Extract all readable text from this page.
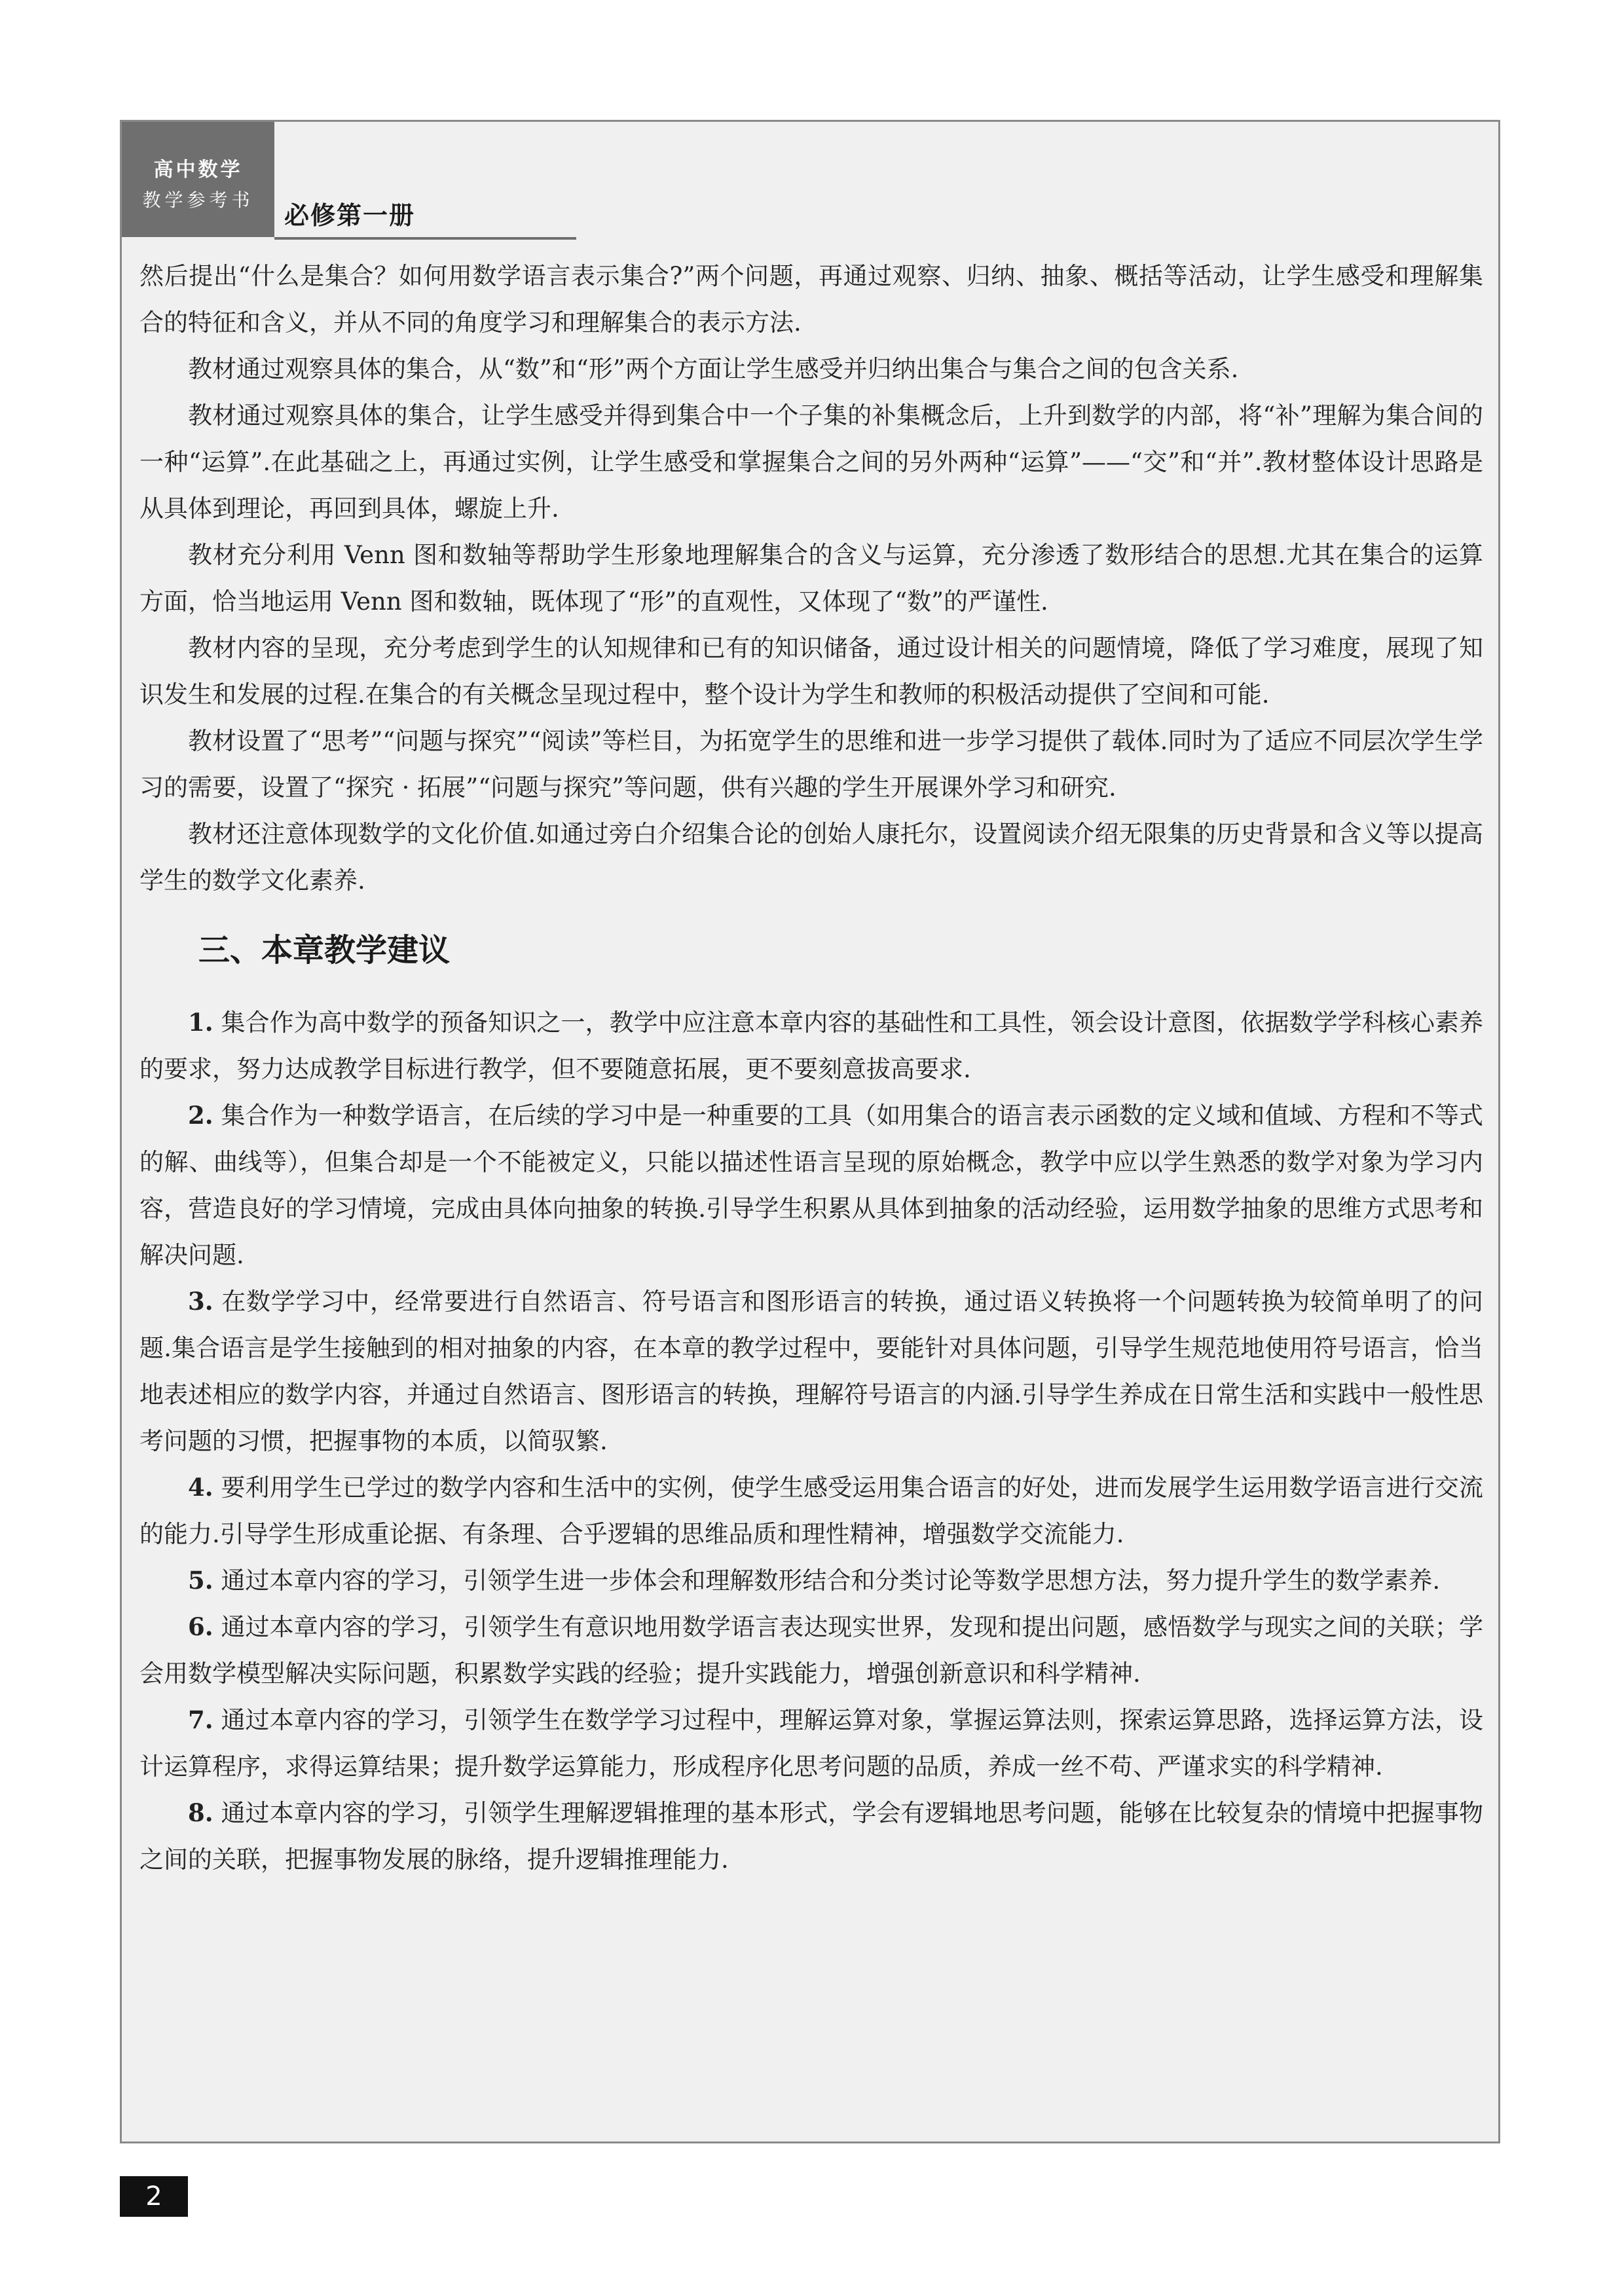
高中数学
教学参考书
必修第一册

然后提出“什么是集合？如何用数学语言表示集合?”两个问题，再通过观察、归纳、抽象、概括等活动，让学生感受和理解集合的特征和含义，并从不同的角度学习和理解集合的表示方法.

教材通过观察具体的集合，从“数”和“形”两个方面让学生感受并归纳出集合与集合之间的包含关系.

教材通过观察具体的集合，让学生感受并得到集合中一个子集的补集概念后，上升到数学的内部，将“补”理解为集合间的一种“运算”.在此基础之上，再通过实例，让学生感受和掌握集合之间的另外两种“运算”——“交”和“并”.教材整体设计思路是从具体到理论，再回到具体，螺旋上升.

教材充分利用 Venn 图和数轴等帮助学生形象地理解集合的含义与运算，充分渗透了数形结合的思想.尤其在集合的运算方面，恰当地运用 Venn 图和数轴，既体现了“形”的直观性，又体现了“数”的严谨性.

教材内容的呈现，充分考虑到学生的认知规律和已有的知识储备，通过设计相关的问题情境，降低了学习难度，展现了知识发生和发展的过程.在集合的有关概念呈现过程中，整个设计为学生和教师的积极活动提供了空间和可能.

教材设置了“思考”“问题与探究”“阅读”等栏目，为拓宽学生的思维和进一步学习提供了载体.同时为了适应不同层次学生学习的需要，设置了“探究 · 拓展”“问题与探究”等问题，供有兴趣的学生开展课外学习和研究.

教材还注意体现数学的文化价值.如通过旁白介绍集合论的创始人康托尔，设置阅读介绍无限集的历史背景和含义等以提高学生的数学文化素养.

三、本章教学建议

1. 集合作为高中数学的预备知识之一，教学中应注意本章内容的基础性和工具性，领会设计意图，依据数学学科核心素养的要求，努力达成教学目标进行教学，但不要随意拓展，更不要刻意拔高要求.

2. 集合作为一种数学语言，在后续的学习中是一种重要的工具（如用集合的语言表示函数的定义域和值域、方程和不等式的解、曲线等），但集合却是一个不能被定义，只能以描述性语言呈现的原始概念，教学中应以学生熟悉的数学对象为学习内容，营造良好的学习情境，完成由具体向抽象的转换.引导学生积累从具体到抽象的活动经验，运用数学抽象的思维方式思考和解决问题.

3. 在数学学习中，经常要进行自然语言、符号语言和图形语言的转换，通过语义转换将一个问题转换为较简单明了的问题.集合语言是学生接触到的相对抽象的内容，在本章的教学过程中，要能针对具体问题，引导学生规范地使用符号语言，恰当地表述相应的数学内容，并通过自然语言、图形语言的转换，理解符号语言的内涵.引导学生养成在日常生活和实践中一般性思考问题的习惯，把握事物的本质，以简驭繁.

4. 要利用学生已学过的数学内容和生活中的实例，使学生感受运用集合语言的好处，进而发展学生运用数学语言进行交流的能力.引导学生形成重论据、有条理、合乎逻辑的思维品质和理性精神，增强数学交流能力.

5. 通过本章内容的学习，引领学生进一步体会和理解数形结合和分类讨论等数学思想方法，努力提升学生的数学素养.

6. 通过本章内容的学习，引领学生有意识地用数学语言表达现实世界，发现和提出问题，感悟数学与现实之间的关联；学会用数学模型解决实际问题，积累数学实践的经验；提升实践能力，增强创新意识和科学精神.

7. 通过本章内容的学习，引领学生在数学学习过程中，理解运算对象，掌握运算法则，探索运算思路，选择运算方法，设计运算程序，求得运算结果；提升数学运算能力，形成程序化思考问题的品质，养成一丝不苟、严谨求实的科学精神.

8. 通过本章内容的学习，引领学生理解逻辑推理的基本形式，学会有逻辑地思考问题，能够在比较复杂的情境中把握事物之间的关联，把握事物发展的脉络，提升逻辑推理能力.

2
